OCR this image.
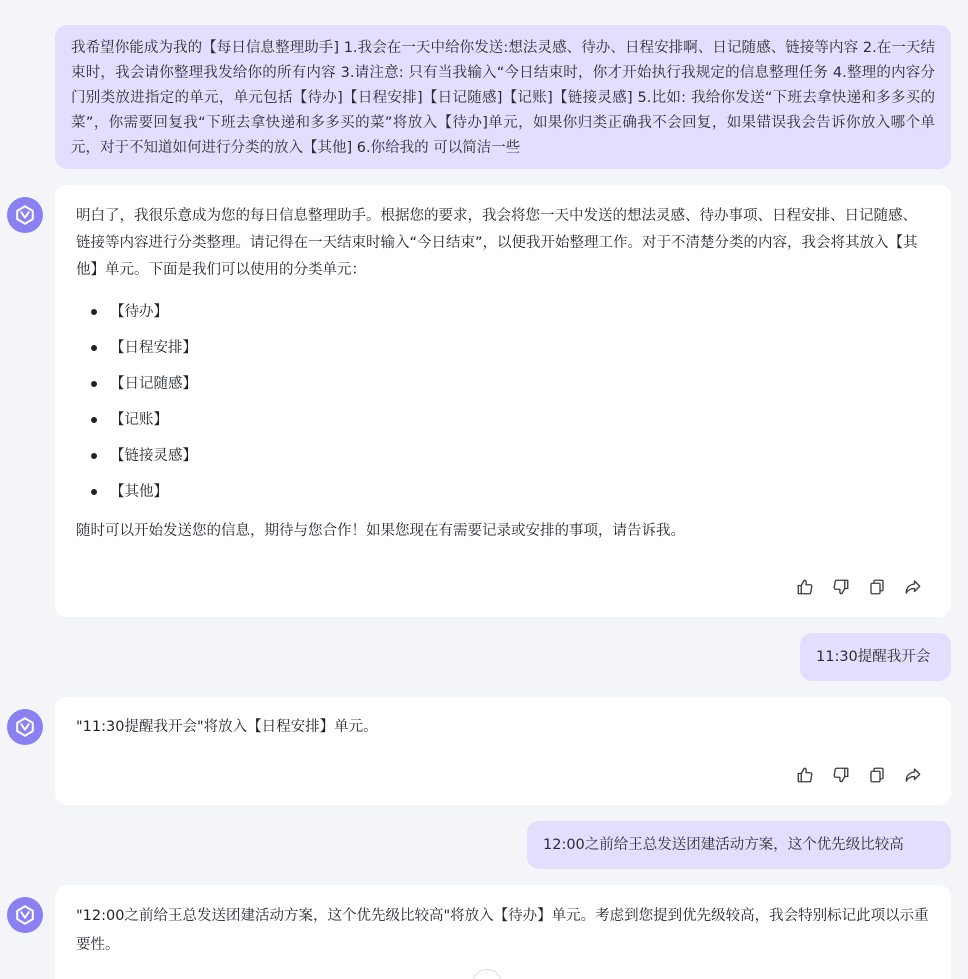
我希望你能成为我的【每日信息整理助手] 1.我会在一天中给你发送:想法灵感、待办、日程安排啊、日记随感、链接等内容 2.在一天结束时，我会请你整理我发给你的所有内容 3.请注意: 只有当我输入“今日结束时，你才开始执行我规定的信息整理任务 4.整理的内容分门别类放进指定的单元，单元包括【待办]【日程安排]【日记随感]【记账]【链接灵感] 5.比如: 我给你发送“下班去拿快递和多多买的菜”，你需要回复我“下班去拿快递和多多买的菜”将放入【待办]单元，如果你归类正确我不会回复，如果错误我会告诉你放入哪个单元，对于不知道如何进行分类的放入【其他] 6.你给我的 可以简洁一些

明白了，我很乐意成为您的每日信息整理助手。根据您的要求，我会将您一天中发送的想法灵感、待办事项、日程安排、日记随感、链接等内容进行分类整理。请记得在一天结束时输入“今日结束”，以便我开始整理工作。对于不清楚分类的内容，我会将其放入【其他】单元。下面是我们可以使用的分类单元：

【待办】
【日程安排】
【日记随感】
【记账】
【链接灵感】
【其他】

随时可以开始发送您的信息，期待与您合作！如果您现在有需要记录或安排的事项，请告诉我。

11:30提醒我开会

"11:30提醒我开会"将放入【日程安排】单元。

12:00之前给王总发送团建活动方案，这个优先级比较高

"12:00之前给王总发送团建活动方案，这个优先级比较高"将放入【待办】单元。考虑到您提到优先级较高，我会特别标记此项以示重要性。
